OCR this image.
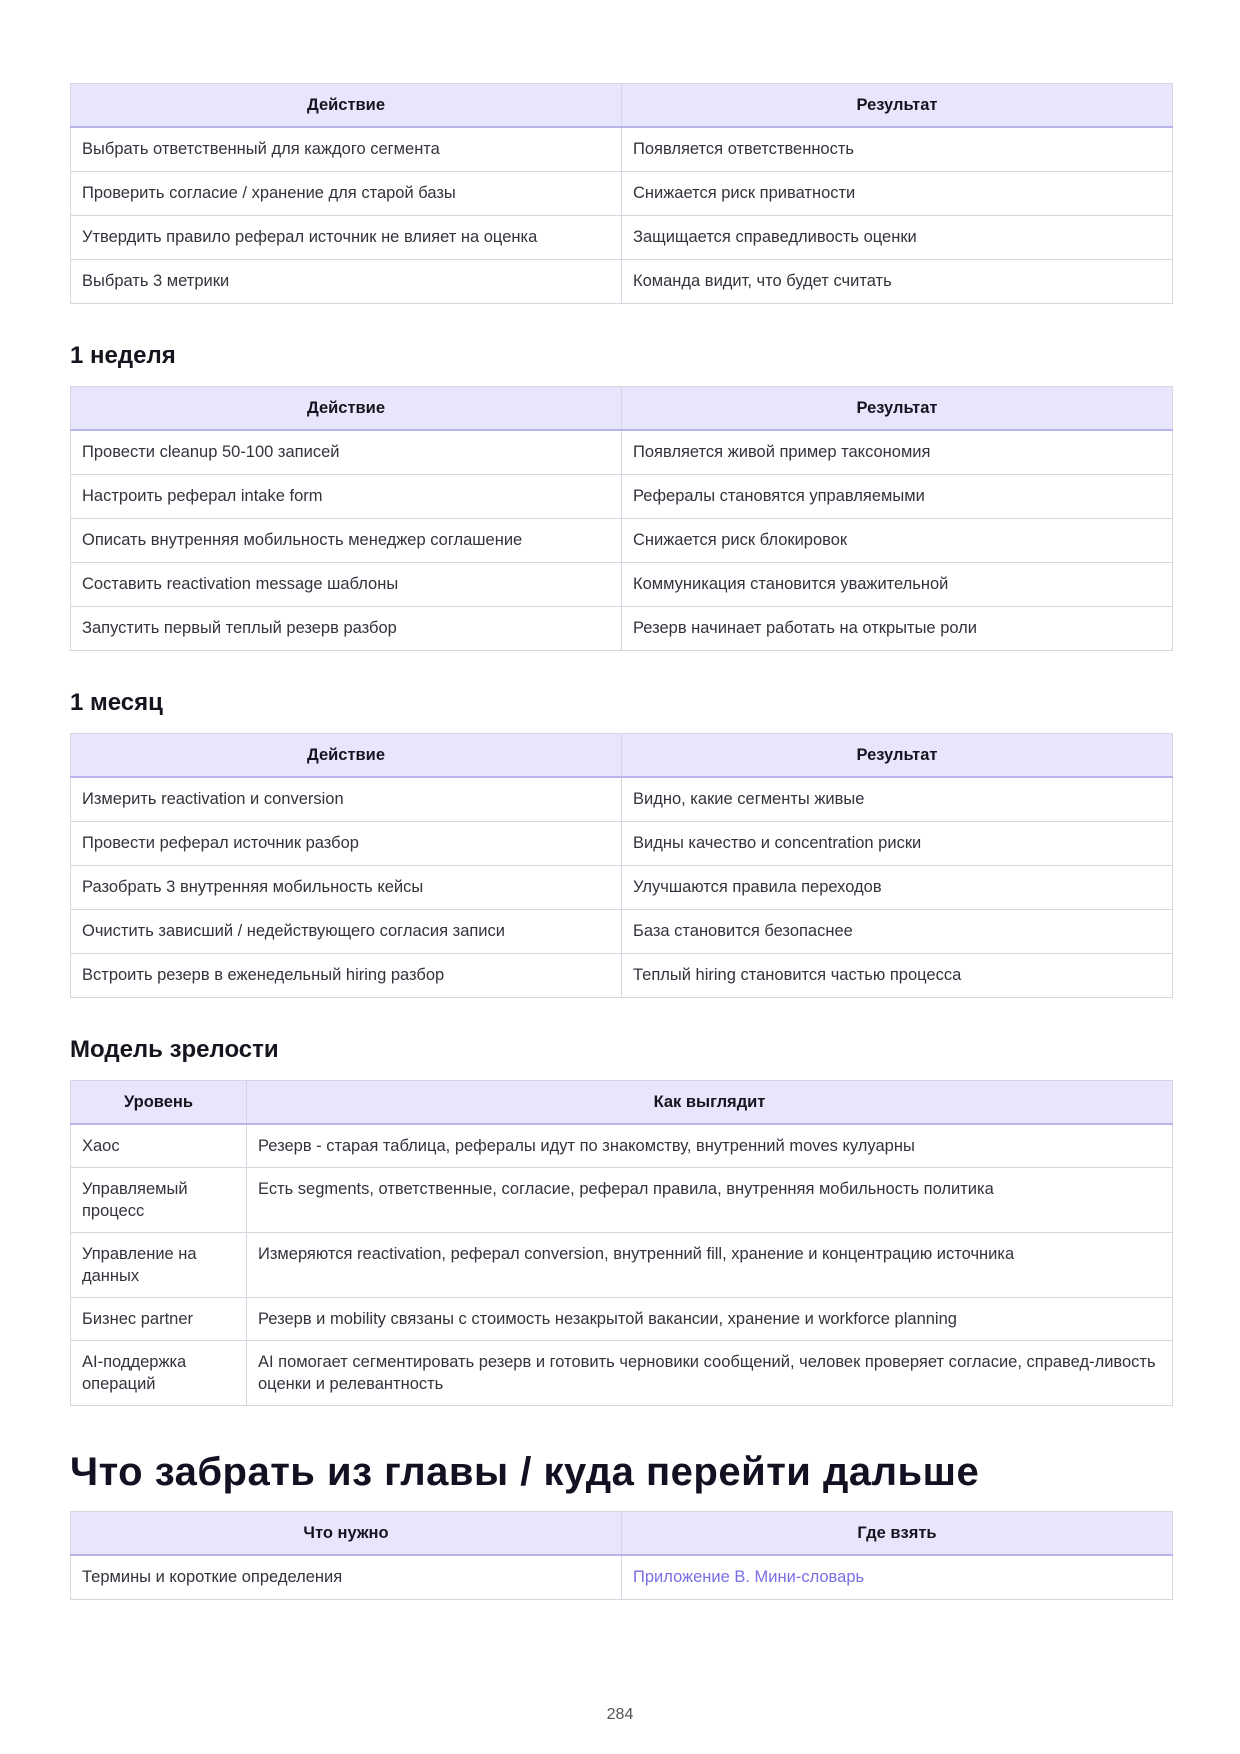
Действие	Результат
Выбрать ответственный для каждого сегмента	Появляется ответственность
Проверить согласие / хранение для старой базы	Снижается риск приватности
Утвердить правило реферал источник не влияет на оценка	Защищается справедливость оценки
Выбрать 3 метрики	Команда видит, что будет считать
1 неделя
Действие	Результат
Провести cleanup 50-100 записей	Появляется живой пример таксономия
Настроить реферал intake form	Рефералы становятся управляемыми
Описать внутренняя мобильность менеджер соглашение	Снижается риск блокировок
Составить reactivation message шаблоны	Коммуникация становится уважительной
Запустить первый теплый резерв разбор	Резерв начинает работать на открытые роли
1 месяц
Действие	Результат
Измерить reactivation и conversion	Видно, какие сегменты живые
Провести реферал источник разбор	Видны качество и concentration риски
Разобрать 3 внутренняя мобильность кейсы	Улучшаются правила переходов
Очистить зависший / недействующего согласия записи	База становится безопаснее
Встроить резерв в еженедельный hiring разбор	Теплый hiring становится частью процесса
Модель зрелости
Уровень	Как выглядит
Хаос	Резерв - старая таблица, рефералы идут по знакомству, внутренний moves кулуарны
Управляемый процесс	Есть segments, ответственные, согласие, реферал правила, внутренняя мобильность политика
Управление на данных	Измеряются reactivation, реферал conversion, внутренний fill, хранение и концентрацию источника
Бизнес partner	Резерв и mobility связаны с стоимость незакрытой вакансии, хранение и workforce planning
AI-поддержка операций	AI помогает сегментировать резерв и готовить черновики сообщений, человек проверяет согласие, справед-ливость оценки и релевантность
Что забрать из главы / куда перейти дальше
Что нужно	Где взять
Термины и короткие определения	Приложение В. Мини-словарь
284
